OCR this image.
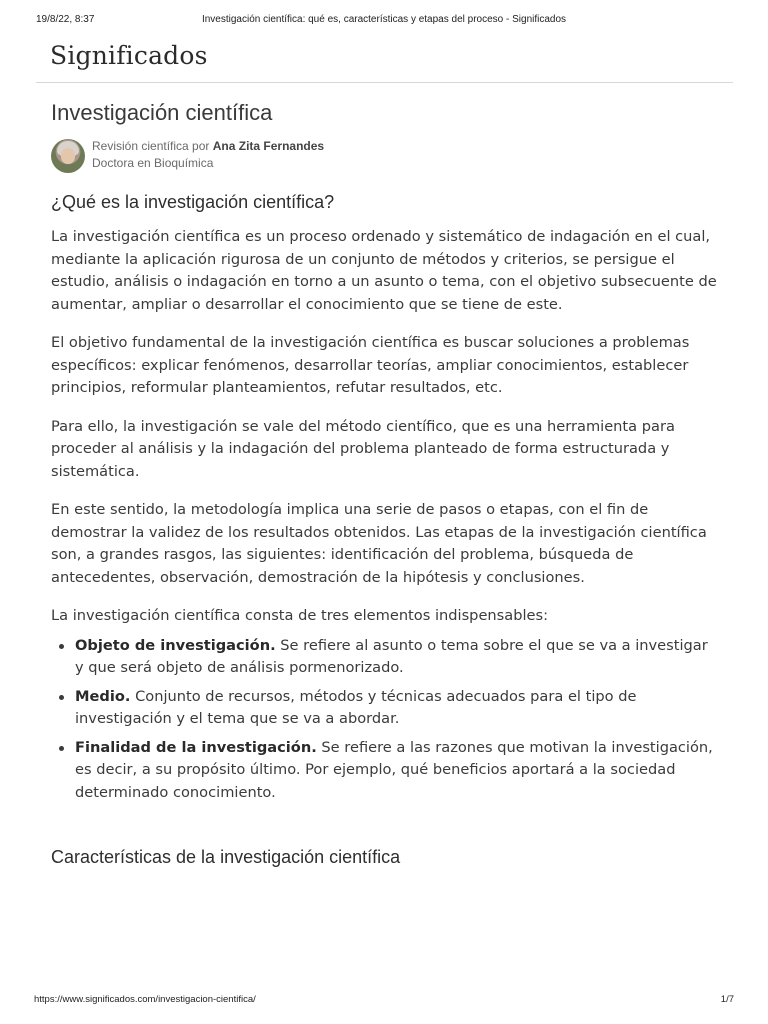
19/8/22, 8:37	Investigación científica: qué es, características y etapas del proceso - Significados
Significados
Investigación científica
Revisión científica por Ana Zita Fernandes
Doctora en Bioquímica
¿Qué es la investigación científica?

La investigación científica es un proceso ordenado y sistemático de indagación en el cual, mediante la aplicación rigurosa de un conjunto de métodos y criterios, se persigue el estudio, análisis o indagación en torno a un asunto o tema, con el objetivo subsecuente de aumentar, ampliar o desarrollar el conocimiento que se tiene de este.

El objetivo fundamental de la investigación científica es buscar soluciones a problemas específicos: explicar fenómenos, desarrollar teorías, ampliar conocimientos, establecer principios, reformular planteamientos, refutar resultados, etc.

Para ello, la investigación se vale del método científico, que es una herramienta para proceder al análisis y la indagación del problema planteado de forma estructurada y sistemática.

En este sentido, la metodología implica una serie de pasos o etapas, con el fin de demostrar la validez de los resultados obtenidos. Las etapas de la investigación científica son, a grandes rasgos, las siguientes: identificación del problema, búsqueda de antecedentes, observación, demostración de la hipótesis y conclusiones.

La investigación científica consta de tres elementos indispensables:

Objeto de investigación. Se refiere al asunto o tema sobre el que se va a investigar y que será objeto de análisis pormenorizado.
Medio. Conjunto de recursos, métodos y técnicas adecuados para el tipo de investigación y el tema que se va a abordar.
Finalidad de la investigación. Se refiere a las razones que motivan la investigación, es decir, a su propósito último. Por ejemplo, qué beneficios aportará a la sociedad determinado conocimiento.
Características de la investigación científica
https://www.significados.com/investigacion-cientifica/	1/7
